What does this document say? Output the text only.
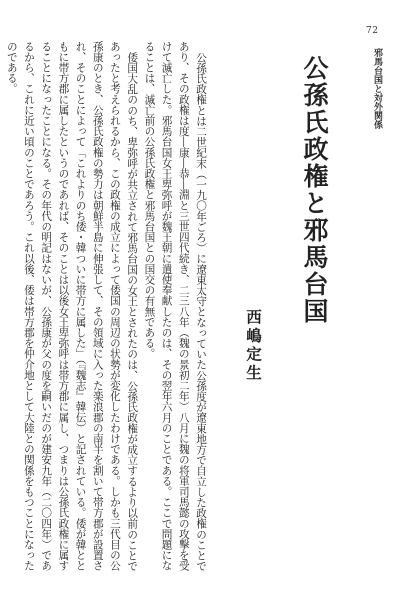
72
邪馬台国と対外関係
公孫氏政権と邪馬台国
西嶋定生

公孫氏政権とは二世紀末（一九〇年ごろ）に遼東太守となっていた公孫度が遼東地方で自立した政権のことであり、その政権は度―康―恭―淵と三世四代続き、二三八年（魏の景初二年）八月に魏の将軍司馬懿の攻撃を受けて滅亡した。邪馬台国女王卑弥呼が魏王朝に遣使奉献したのは、その翌年六月のことである。ここで問題になることは、滅亡前の公孫氏政権と邪馬台国との国交の有無である。

倭国大乱ののち、卑弥呼が共立されて邪馬台国の女王とされたのは、公孫氏政権が成立するより以前のことであったと考えられるから、この政権の成立によって倭国の周辺の状勢が変化したわけである。しかも三代目の公孫康のとき、公孫氏政権の勢力は朝鮮半島に伸張して、その領域に入った楽浪郡の南半を割いて帯方郡が設置され、そのことによって「これよりのち倭・韓ついに帯方に属した」（『魏志』韓伝）と記されている。倭が韓とともに帯方郡に属したというのであれば、そのことは以後女王卑弥呼は帯方郡に属し、つまりは公孫氏政権に属することになったことになる。その年代の明記はないが、公孫康が父の度を嗣いだのが建安九年（二〇四年）であるから、これに近い頃のことであろう。これ以後、倭は帯方郡を仲介地として大陸との関係をもつことになったのである。
